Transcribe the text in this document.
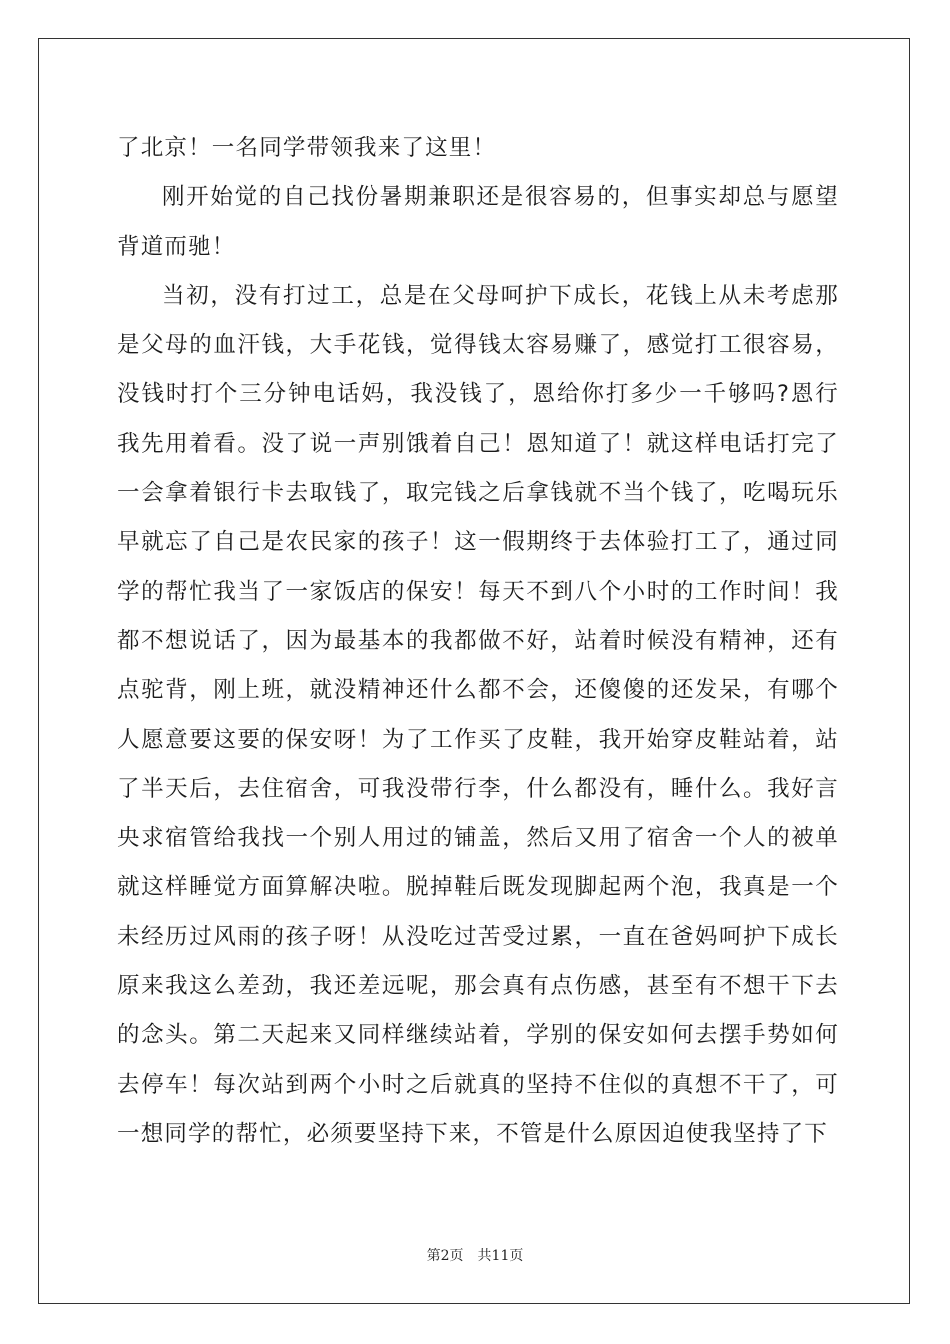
了北京！一名同学带领我来了这里！

刚开始觉的自己找份暑期兼职还是很容易的，但事实却总与愿望背道而驰！

当初，没有打过工，总是在父母呵护下成长，花钱上从未考虑那是父母的血汗钱，大手花钱，觉得钱太容易赚了，感觉打工很容易，没钱时打个三分钟电话妈，我没钱了，恩给你打多少一千够吗?恩行我先用着看。没了说一声别饿着自己！恩知道了！就这样电话打完了一会拿着银行卡去取钱了，取完钱之后拿钱就不当个钱了，吃喝玩乐早就忘了自己是农民家的孩子！这一假期终于去体验打工了，通过同学的帮忙我当了一家饭店的保安！每天不到八个小时的工作时间！我都不想说话了，因为最基本的我都做不好，站着时候没有精神，还有点驼背，刚上班，就没精神还什么都不会，还傻傻的还发呆，有哪个人愿意要这要的保安呀！为了工作买了皮鞋，我开始穿皮鞋站着，站了半天后，去住宿舍，可我没带行李，什么都没有，睡什么。我好言央求宿管给我找一个别人用过的铺盖，然后又用了宿舍一个人的被单就这样睡觉方面算解决啦。脱掉鞋后既发现脚起两个泡，我真是一个未经历过风雨的孩子呀！从没吃过苦受过累，一直在爸妈呵护下成长原来我这么差劲，我还差远呢，那会真有点伤感，甚至有不想干下去的念头。第二天起来又同样继续站着，学别的保安如何去摆手势如何去停车！每次站到两个小时之后就真的坚持不住似的真想不干了，可一想同学的帮忙，必须要坚持下来，不管是什么原因迫使我坚持了下

第2页　共11页
